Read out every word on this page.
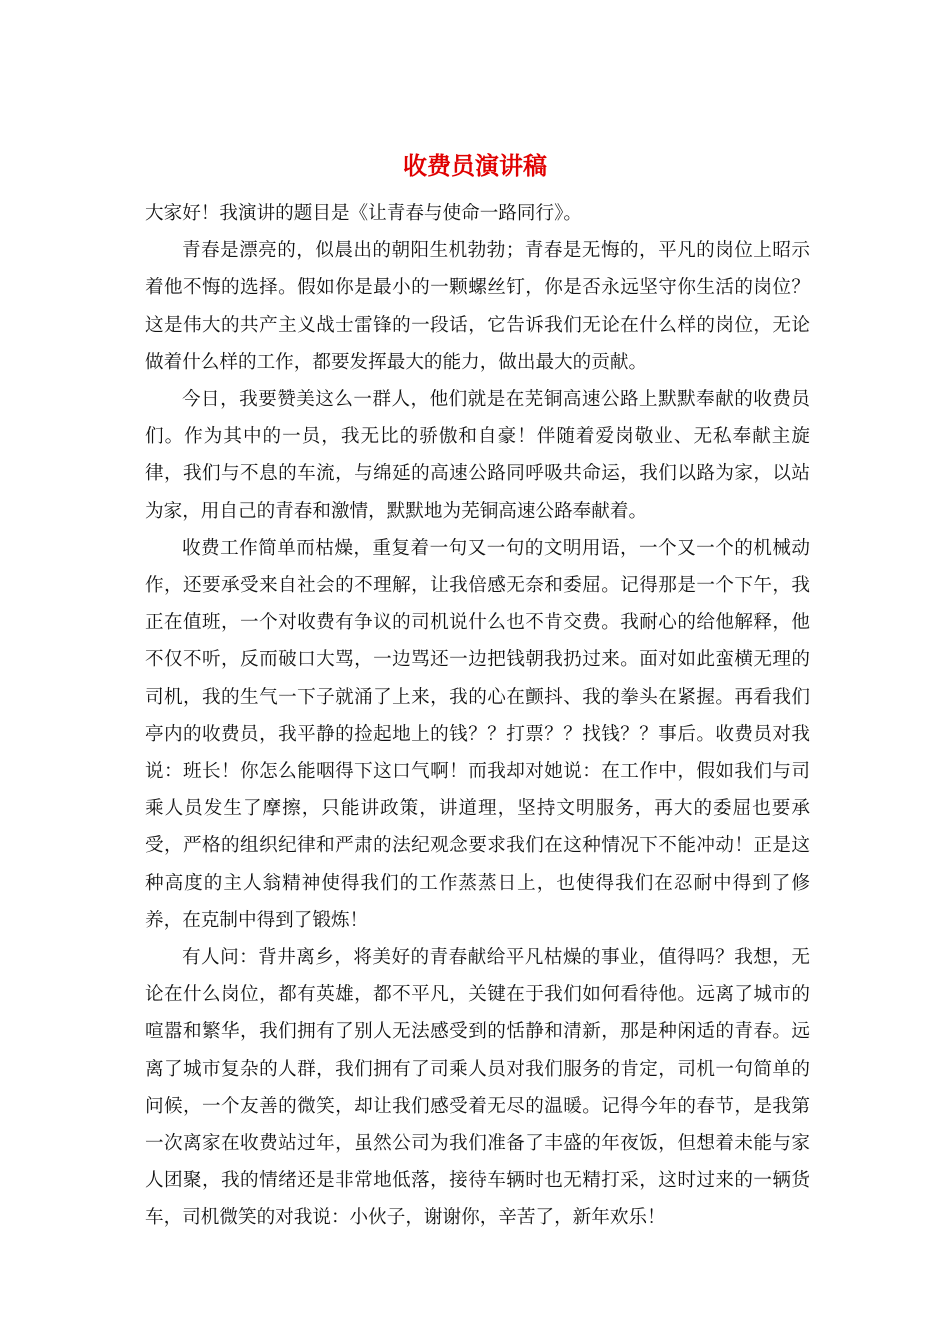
收费员演讲稿

大家好！我演讲的题目是《让青春与使命一路同行》。

青春是漂亮的，似晨出的朝阳生机勃勃；青春是无悔的，平凡的岗位上昭示着他不悔的选择。假如你是最小的一颗螺丝钉，你是否永远坚守你生活的岗位？这是伟大的共产主义战士雷锋的一段话，它告诉我们无论在什么样的岗位，无论做着什么样的工作，都要发挥最大的能力，做出最大的贡献。

今日，我要赞美这么一群人，他们就是在芜铜高速公路上默默奉献的收费员们。作为其中的一员，我无比的骄傲和自豪！伴随着爱岗敬业、无私奉献主旋律，我们与不息的车流，与绵延的高速公路同呼吸共命运，我们以路为家，以站为家，用自己的青春和激情，默默地为芜铜高速公路奉献着。

收费工作简单而枯燥，重复着一句又一句的文明用语，一个又一个的机械动作，还要承受来自社会的不理解，让我倍感无奈和委屈。记得那是一个下午，我正在值班，一个对收费有争议的司机说什么也不肯交费。我耐心的给他解释，他不仅不听，反而破口大骂，一边骂还一边把钱朝我扔过来。面对如此蛮横无理的司机，我的生气一下子就涌了上来，我的心在颤抖、我的拳头在紧握。再看我们亭内的收费员，我平静的捡起地上的钱？？打票？？找钱？？事后。收费员对我说：班长！你怎么能咽得下这口气啊！而我却对她说：在工作中，假如我们与司乘人员发生了摩擦，只能讲政策，讲道理，坚持文明服务，再大的委屈也要承受，严格的组织纪律和严肃的法纪观念要求我们在这种情况下不能冲动！正是这种高度的主人翁精神使得我们的工作蒸蒸日上，也使得我们在忍耐中得到了修养，在克制中得到了锻炼！

有人问：背井离乡，将美好的青春献给平凡枯燥的事业，值得吗？我想，无论在什么岗位，都有英雄，都不平凡，关键在于我们如何看待他。远离了城市的喧嚣和繁华，我们拥有了别人无法感受到的恬静和清新，那是种闲适的青春。远离了城市复杂的人群，我们拥有了司乘人员对我们服务的肯定，司机一句简单的问候，一个友善的微笑，却让我们感受着无尽的温暖。记得今年的春节，是我第一次离家在收费站过年，虽然公司为我们准备了丰盛的年夜饭，但想着未能与家人团聚，我的情绪还是非常地低落，接待车辆时也无精打采，这时过来的一辆货车，司机微笑的对我说：小伙子，谢谢你，辛苦了，新年欢乐！
